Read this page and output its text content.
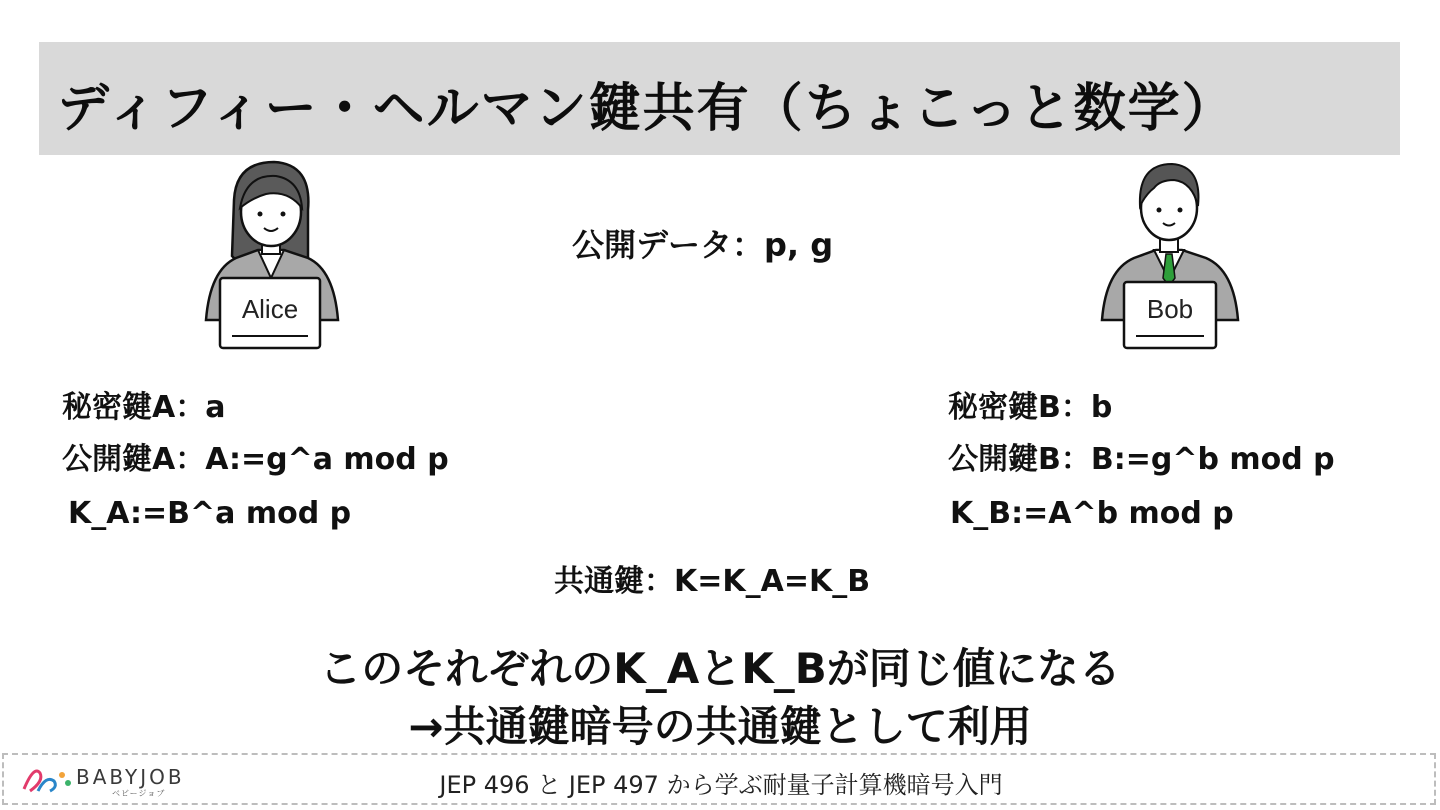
ディフィー・ヘルマン鍵共有（ちょこっと数学）
Alice	Bob
公開データ：p, g
秘密鍵A：a
公開鍵A：A:=g^a mod p
K_A:=B^a mod p
秘密鍵B：b
公開鍵B：B:=g^b mod p
K_B:=A^b mod p
共通鍵：K=K_A=K_B
このそれぞれのK_AとK_Bが同じ値になる
→共通鍵暗号の共通鍵として利用
BABYJOB
ベビージョブ	JEP 496 と JEP 497 から学ぶ耐量子計算機暗号入門
